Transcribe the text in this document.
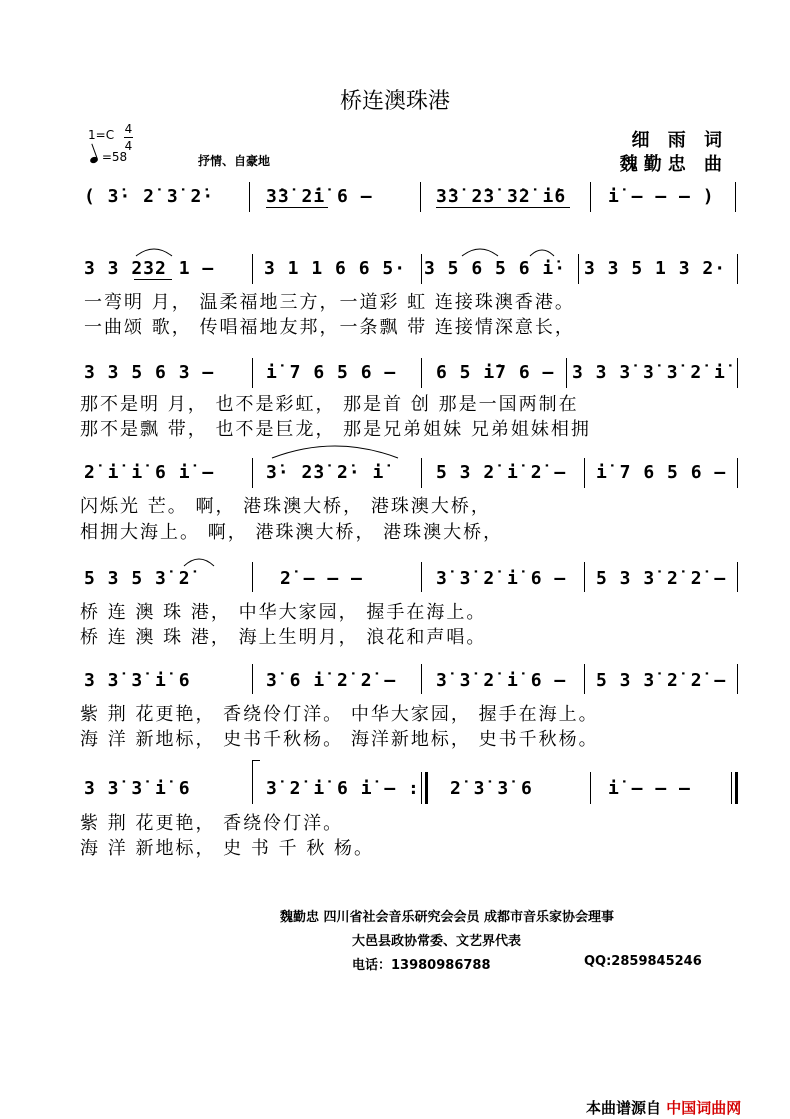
桥连澳珠港
1=C 4
4
=58	抒情、自豪地
细 雨 词
魏勤忠 曲
( 3̇· 2̇ 3̇ 2̇·	3̇3̇ 2̇i̇ 6 –	3̇3̇ 2̇3̇ 3̇2̇ i̇6 i̇ – – – )
3 3 232 1 –	3 1 1 6 6 5· 3 5 6 5 6 i̇· 3 3 5 1 3 2·
一弯明 月， 温柔福地三方，一道彩 虹 连接珠澳香港。
一曲颂 歌， 传唱福地友邦，一条飘 带 连接情深意长，
3 3 5 6 3 –	i̇ 7 6 5 6 – 6 5 i̇7 6 – 3 3 3̇ 3̇ 3̇ 2̇ i̇
那不是明 月， 也不是彩虹， 那是首 创 那是一国两制在
那不是飘 带， 也不是巨龙， 那是兄弟姐妹 兄弟姐妹相拥
2̇ i̇ i̇ 6 i̇ –	3̇· 2̇3̇ 2̇· i̇	5 3 2̇ i̇ 2̇ – i̇ 7 6 5 6 –
闪烁光 芒。 啊， 港珠澳大桥， 港珠澳大桥，
相拥大海上。 啊， 港珠澳大桥， 港珠澳大桥，
5 3 5 3̇ 2̇	2̇ – – –	3̇ 3̇ 2̇ i̇ 6 – 5 3 3̇ 2̇ 2̇ –
桥 连 澳 珠 港， 中华大家园， 握手在海上。
桥 连 澳 珠 港， 海上生明月， 浪花和声唱。
3 3̇ 3̇ i̇ 6	3̇ 6 i̇ 2̇ 2̇ – 3̇ 3̇ 2̇ i̇ 6 – 5 3 3̇ 2̇ 2̇ –
紫 荆 花更艳， 香绕伶仃洋。 中华大家园， 握手在海上。
海 洋 新地标， 史书千秋杨。 海洋新地标， 史书千秋杨。
3 3̇ 3̇ i̇ 6	3̇ 2̇ i̇ 6 i̇ – : 2̇ 3̇ 3̇ 6	i̇ – – –
紫 荆 花更艳， 香绕伶仃洋。
海 洋 新地标， 史 书 千 秋 杨。
魏勤忠 四川省社会音乐研究会会员 成都市音乐家协会理事
大邑县政协常委、文艺界代表
电话：13980986788	QQ:2859845246
本曲谱源自 中国词曲网
